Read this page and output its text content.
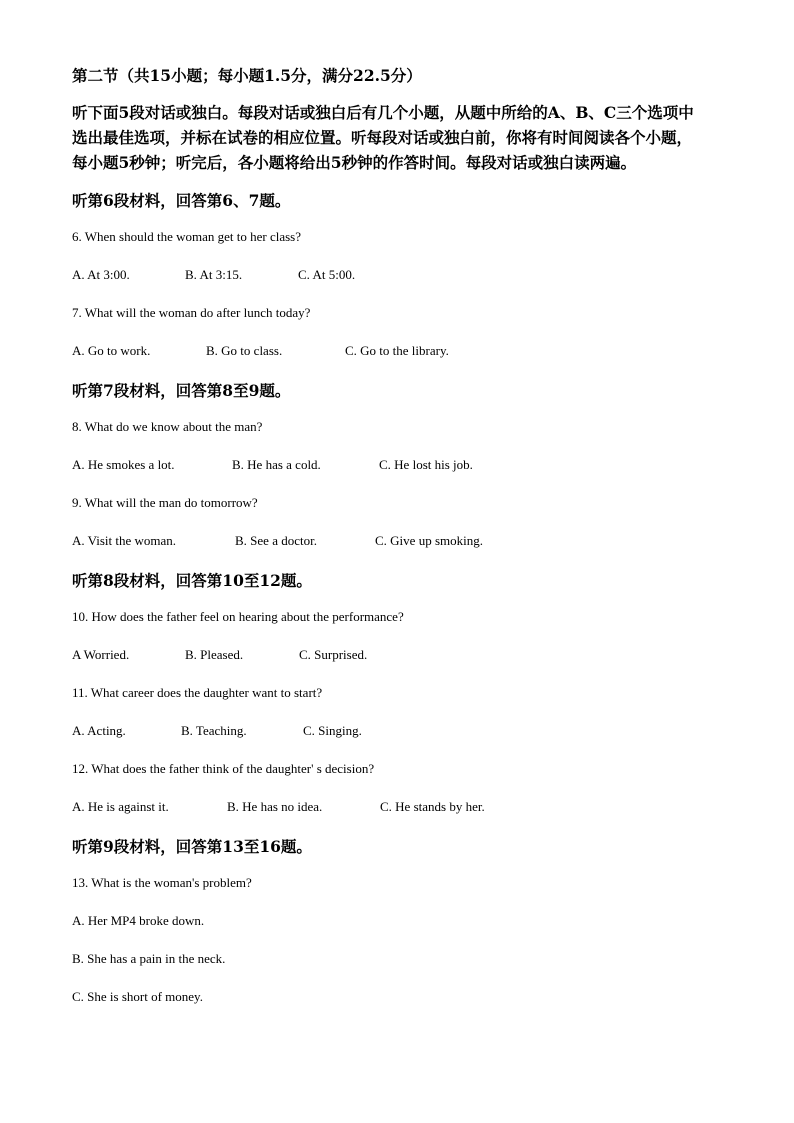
第二节（共15小题；每小题1.5分，满分22.5分）
听下面5段对话或独白。每段对话或独白后有几个小题，从题中所给的A、B、C三个选项中
选出最佳选项，并标在试卷的相应位置。听每段对话或独白前，你将有时间阅读各个小题，
每小题5秒钟；听完后，各小题将给出5秒钟的作答时间。每段对话或独白读两遍。
听第6段材料，回答第6、7题。
6. When should the woman get to her class?
A. At 3:00.	B. At 3:15.	C. At 5:00.
7. What will the woman do after lunch today?
A. Go to work.	B. Go to class.	C. Go to the library.
听第7段材料，回答第8至9题。
8. What do we know about the man?
A. He smokes a lot.	B. He has a cold.	C. He lost his job.
9. What will the man do tomorrow?
A. Visit the woman.	B. See a doctor.	C. Give up smoking.
听第8段材料，回答第10至12题。
10. How does the father feel on hearing about the performance?
A Worried.	B. Pleased.	C. Surprised.
11. What career does the daughter want to start?
A. Acting.	B. Teaching.	C. Singing.
12. What does the father think of the daughter' s decision?
A. He is against it.	B. He has no idea.	C. He stands by her.
听第9段材料，回答第13至16题。
13. What is the woman's problem?
A. Her MP4 broke down.
B. She has a pain in the neck.
C. She is short of money.
